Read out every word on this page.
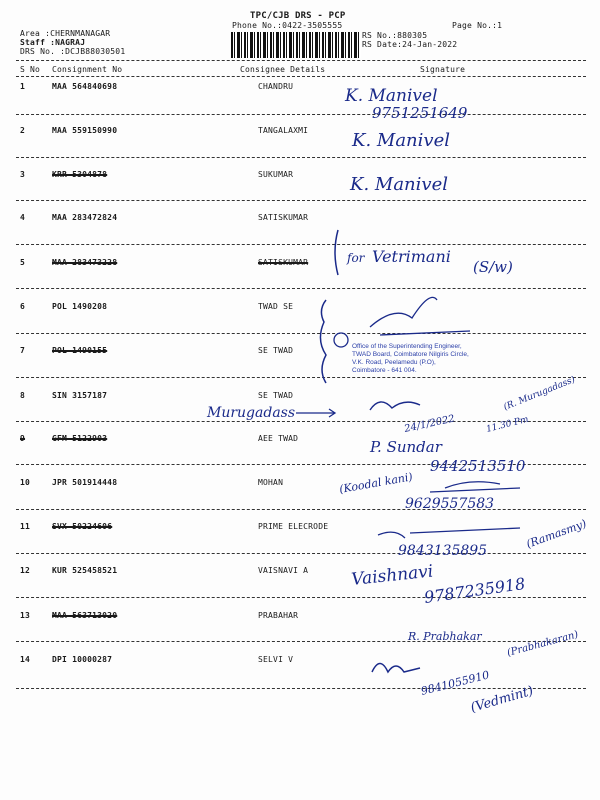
TPC/CJB DRS - PCP
Phone No.:0422-3505555	Page No.:1
Area :CHERNMANAGAR
Staff :NAGRAJ
DRS No. :DCJB88030501
RS No.:880305
RS Date:24-Jan-2022
S No Consignment No	Consignee Details	Signature
1	MAA 564840698	CHANDRU
2	MAA 559150990	TANGALAXMI
3	KRR 5304878	SUKUMAR
4	MAA 283472824	SATISKUMAR
5	MAA 283473228	SATISKUMAR
6	POL 1490208	TWAD SE
7	POL 1490155	SE TWAD
8	SIN 3157187	SE TWAD
9	GFM 5122903	AEE TWAD
10	JPR 501914448	MOHAN
11	SVX 50224606	PRIME ELECRODE
12	KUR 525458521	VAISNAVI A
13	MAA 563713020	PRABAHAR
14	DPI 10000287	SELVI V
Office of the Superintending Engineer,
TWAD Board, Coimbatore Nilgiris Circle,
V.K. Road, Peelamedu (P.O),
Coimbatore - 641 004.
K. Manivel
9751251649
K. Manivel
K. Manivel
for Vetrimani
(S/w)
Murugadass
(R. Murugadass)
24/1/2022	11.30 Pm
P. Sundar
9442513510
(Koodal kani)
9629557583
(Ramasmy)
9843135895
Vaishnavi
9787235918
R. Prabhakar (Prabhakaran)
9841055910
(Vedmint)
